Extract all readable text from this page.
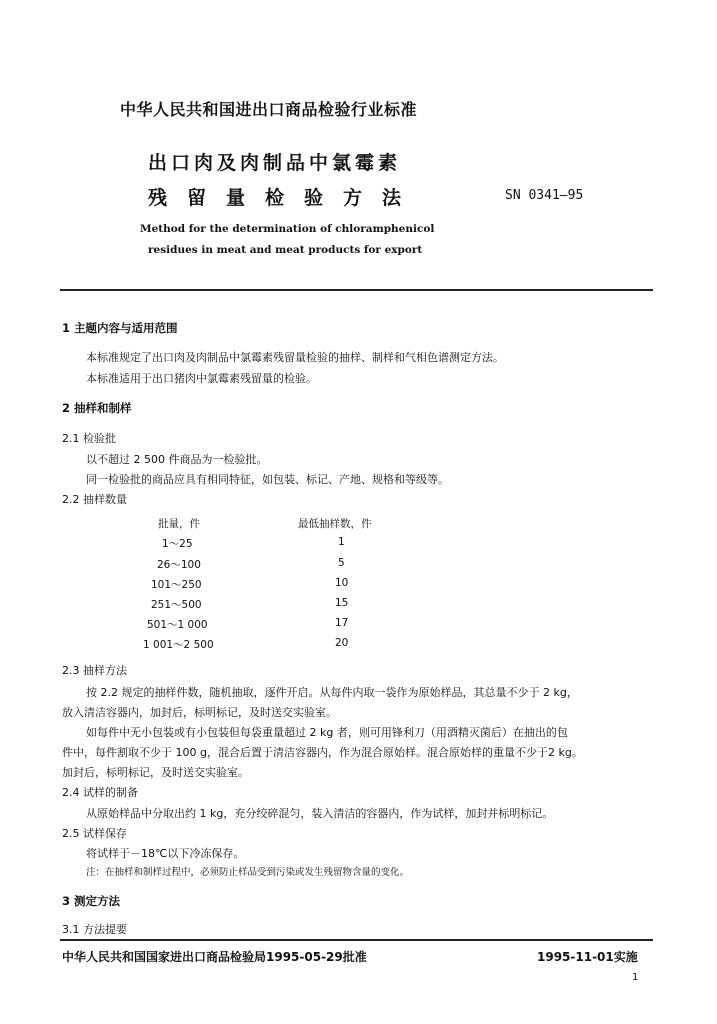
中华人民共和国进出口商品检验行业标准
出口肉及肉制品中氯霉素
残留量检验方法	SN 0341—95
Method for the determination of chloramphenicol
residues in meat and meat products for export
1 主题内容与适用范围
本标准规定了出口肉及肉制品中氯霉素残留量检验的抽样、制样和气相色谱测定方法。
本标准适用于出口猪肉中氯霉素残留量的检验。
2 抽样和制样
2.1 检验批
以不超过 2 500 件商品为一检验批。
同一检验批的商品应具有相同特征，如包装、标记、产地、规格和等级等。
2.2 抽样数量
批量，件	最低抽样数，件
1～25	1
26～100	5
101～250	10
251～500	15
501～1 000	17
1 001～2 500	20
2.3 抽样方法
按 2.2 规定的抽样件数，随机抽取，逐件开启。从每件内取一袋作为原始样品，其总量不少于 2 kg，
放入清洁容器内，加封后，标明标记，及时送交实验室。
如每件中无小包装或有小包装但每袋重量超过 2 kg 者，则可用锋利刀（用酒精灭菌后）在抽出的包
件中，每件割取不少于 100 g，混合后置于清洁容器内，作为混合原始样。混合原始样的重量不少于2 kg。
加封后，标明标记，及时送交实验室。
2.4 试样的制备
从原始样品中分取出约 1 kg，充分绞碎混匀，装入清洁的容器内，作为试样，加封并标明标记。
2.5 试样保存
将试样于－18℃以下冷冻保存。
注：在抽样和制样过程中，必须防止样品受到污染或发生残留物含量的变化。
3 测定方法
3.1 方法提要
中华人民共和国国家进出口商品检验局1995-05-29批准	1995-11-01实施
1
